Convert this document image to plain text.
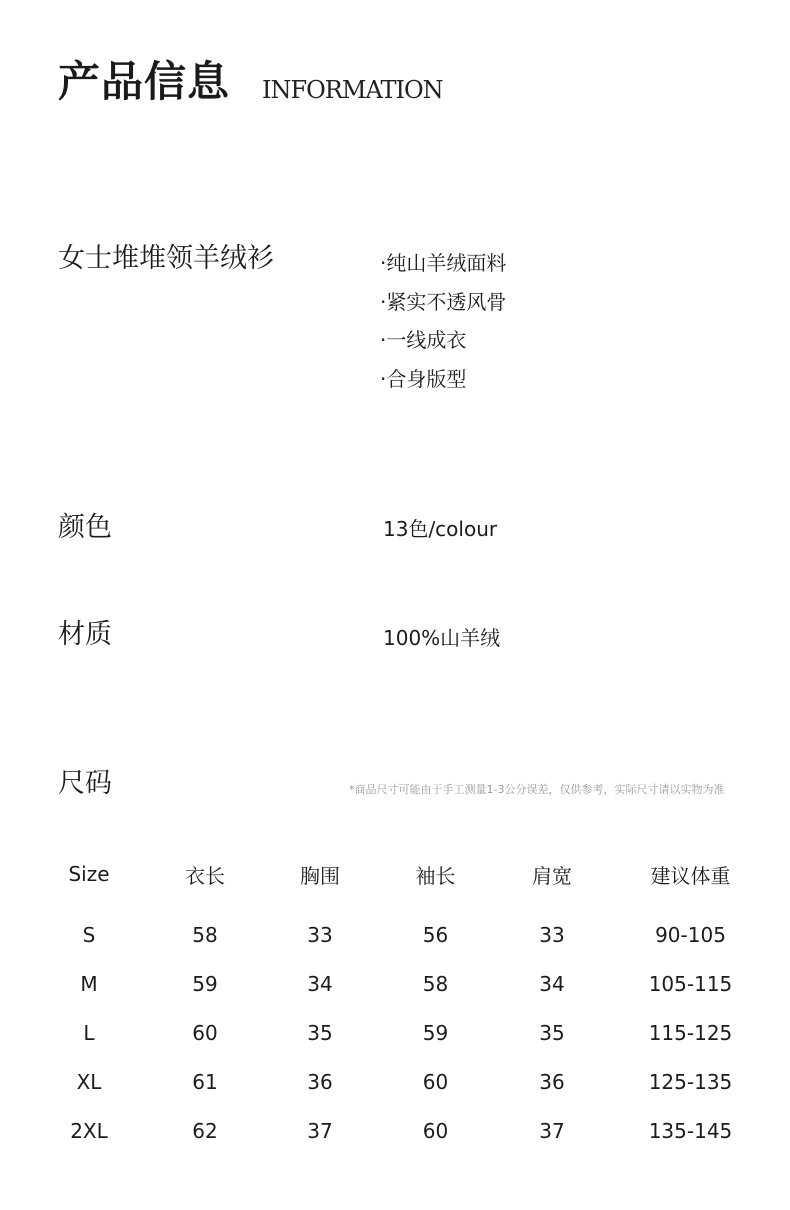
产品信息 INFORMATION
女士堆堆领羊绒衫	·纯山羊绒面料
·紧实不透风骨
·一线成衣
·合身版型
颜色	13色/colour
材质	100%山羊绒
尺码	*商品尺寸可能由于手工测量1-3公分误差，仅供参考，实际尺寸请以实物为准
Size	衣长	胸围	袖长	肩宽	建议体重
S	58	33	56	33	90-105
M	59	34	58	34	105-115
L	60	35	59	35	115-125
XL	61	36	60	36	125-135
2XL	62	37	60	37	135-145
